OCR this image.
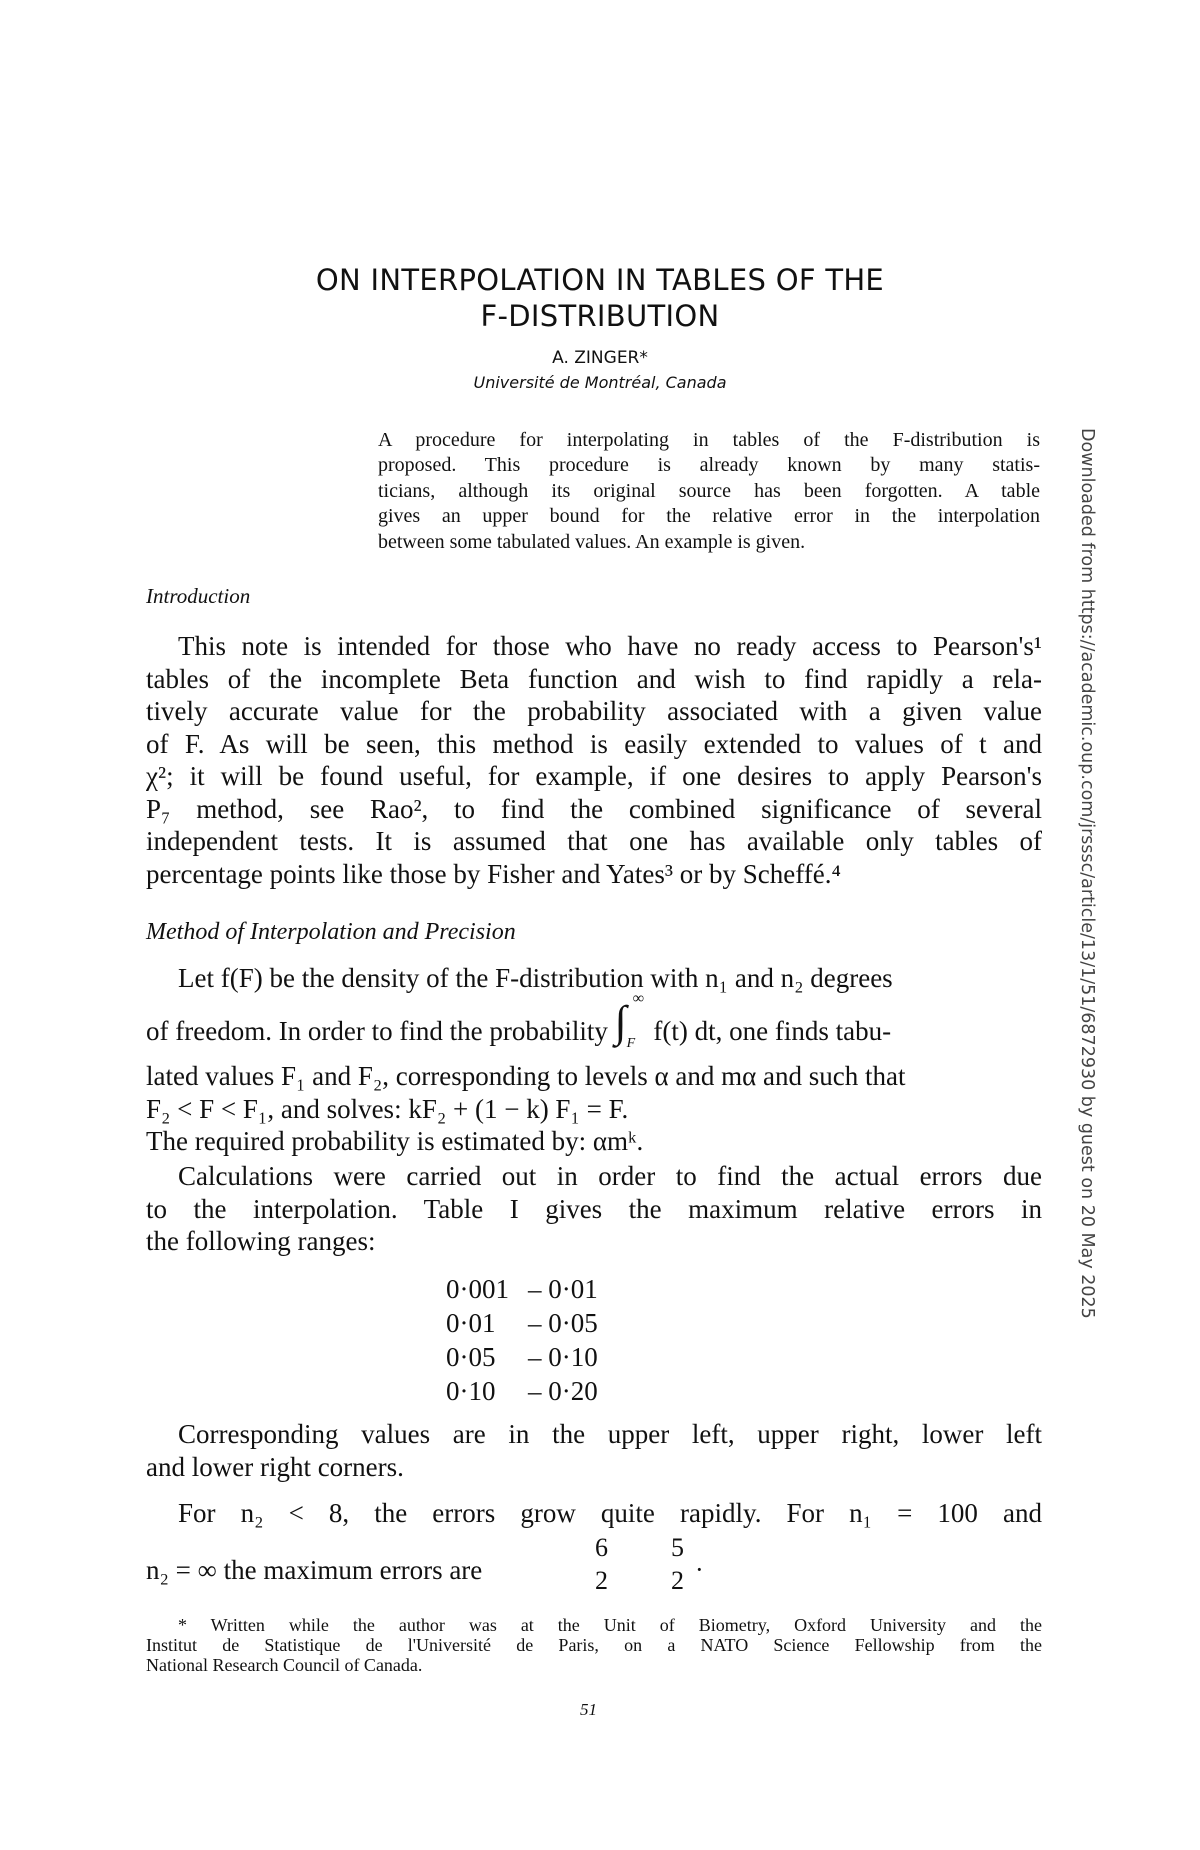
ON INTERPOLATION IN TABLES OF THE
F-DISTRIBUTION
A. ZINGER*
Université de Montréal, Canada
A procedure for interpolating in tables of the F-distribution is
proposed. This procedure is already known by many statis-
ticians, although its original source has been forgotten. A table
gives an upper bound for the relative error in the interpolation
between some tabulated values. An example is given.
Introduction
This note is intended for those who have no ready access to Pearson's¹
tables of the incomplete Beta function and wish to find rapidly a rela-
tively accurate value for the probability associated with a given value
of F. As will be seen, this method is easily extended to values of t and
χ²; it will be found useful, for example, if one desires to apply Pearson's
P₇ method, see Rao², to find the combined significance of several
independent tests. It is assumed that one has available only tables of
percentage points like those by Fisher and Yates³ or by Scheffé.⁴
Method of Interpolation and Precision
Let f(F) be the density of the F-distribution with n₁ and n₂ degrees
of freedom. In order to find the probability ∫ ∞
F f(t) dt, one finds tabu-
lated values F₁ and F₂, corresponding to levels α and mα and such that
F₂ < F < F₁, and solves: kF₂ + (1 − k) F₁ = F.
The required probability is estimated by: αmᵏ.
Calculations were carried out in order to find the actual errors due
to the interpolation. Table I gives the maximum relative errors in
the following ranges:
0·001 – 0·01
0·01 – 0·05
0·05 – 0·10
0·10 – 0·20
Corresponding values are in the upper left, upper right, lower left
and lower right corners.
For n₂ < 8, the errors grow quite rapidly. For n₁ = 100 and
n₂ = ∞ the maximum errors are
6
2
5
2 ·
* Written while the author was at the Unit of Biometry, Oxford University and the
Institut de Statistique de l'Université de Paris, on a NATO Science Fellowship from the
National Research Council of Canada.
51
Downloaded from https://academic.oup.com/jrsssc/article/13/1/51/6872930 by guest on 20 May 2025
